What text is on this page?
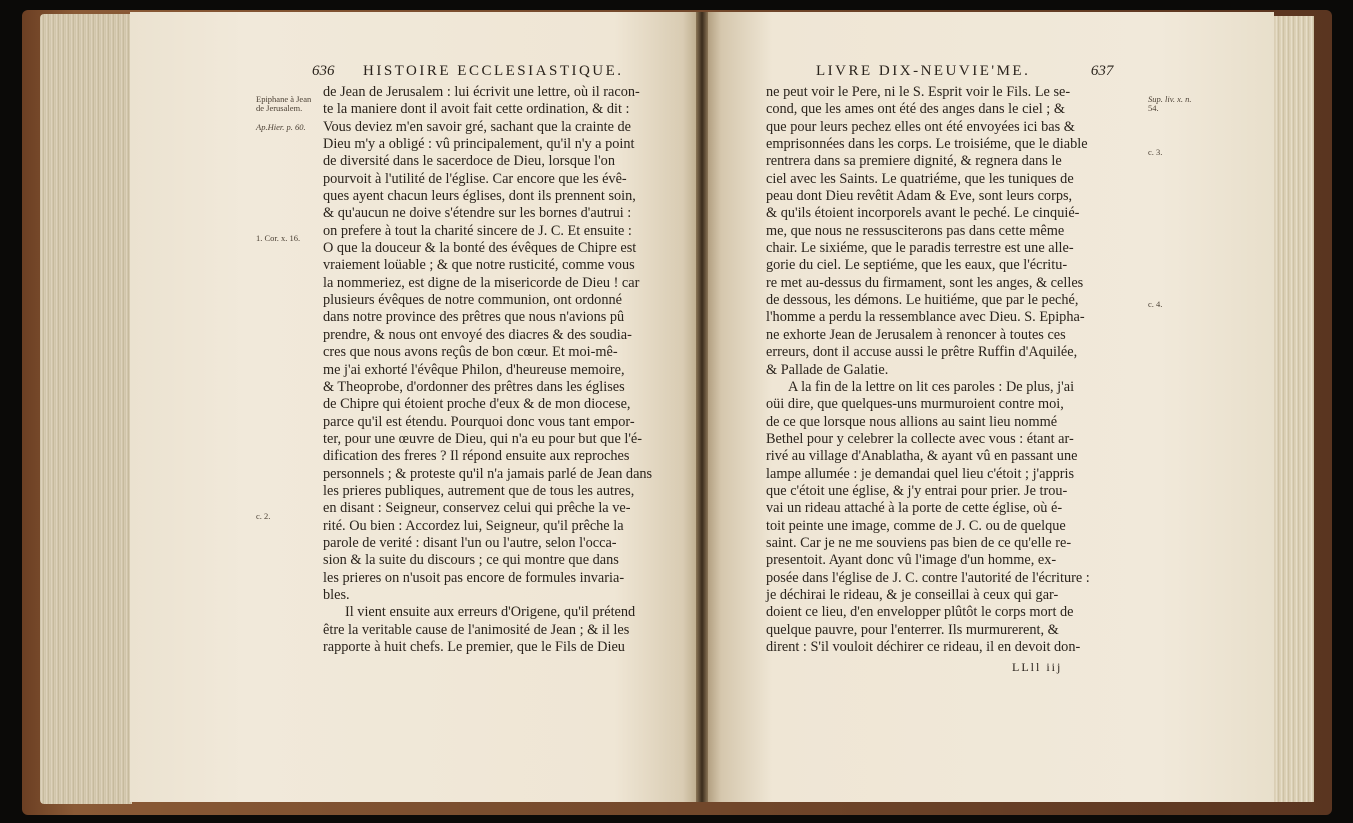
636 HISTOIRE ECCLESIASTIQUE.	LIVRE DIX-NEUVIE'ME.	637
Epiphane à Jean
de Jerusalem.
Ap.Hier. p. 60.
1. Cor. x. 16.
c. 2.
Sup. liv. x. n.
54.
c. 3.
c. 4.
de Jean de Jerusalem : lui écrivit une lettre, où il racon-
te la maniere dont il avoit fait cette ordination, & dit :
Vous deviez m'en savoir gré, sachant que la crainte de
Dieu m'y a obligé : vû principalement, qu'il n'y a point
de diversité dans le sacerdoce de Dieu, lorsque l'on
pourvoit à l'utilité de l'église. Car encore que les évê-
ques ayent chacun leurs églises, dont ils prennent soin,
& qu'aucun ne doive s'étendre sur les bornes d'autrui :
on prefere à tout la charité sincere de J. C. Et ensuite :
O que la douceur & la bonté des évêques de Chipre est
vraiement loüable ; & que notre rusticité, comme vous
la nommeriez, est digne de la misericorde de Dieu ! car
plusieurs évêques de notre communion, ont ordonné
dans notre province des prêtres que nous n'avions pû
prendre, & nous ont envoyé des diacres & des soudia-
cres que nous avons reçûs de bon cœur. Et moi-mê-
me j'ai exhorté l'évêque Philon, d'heureuse memoire,
& Theoprobe, d'ordonner des prêtres dans les églises
de Chipre qui étoient proche d'eux & de mon diocese,
parce qu'il est étendu. Pourquoi donc vous tant empor-
ter, pour une œuvre de Dieu, qui n'a eu pour but que l'é-
dification des freres ? Il répond ensuite aux reproches
personnels ; & proteste qu'il n'a jamais parlé de Jean dans
les prieres publiques, autrement que de tous les autres,
en disant : Seigneur, conservez celui qui prêche la ve-
rité. Ou bien : Accordez lui, Seigneur, qu'il prêche la
parole de verité : disant l'un ou l'autre, selon l'occa-
sion & la suite du discours ; ce qui montre que dans
les prieres on n'usoit pas encore de formules invaria-
bles.
Il vient ensuite aux erreurs d'Origene, qu'il prétend
être la veritable cause de l'animosité de Jean ; & il les
rapporte à huit chefs. Le premier, que le Fils de Dieu
ne peut voir le Pere, ni le S. Esprit voir le Fils. Le se-
cond, que les ames ont été des anges dans le ciel ; &
que pour leurs pechez elles ont été envoyées ici bas &
emprisonnées dans les corps. Le troisiéme, que le diable
rentrera dans sa premiere dignité, & regnera dans le
ciel avec les Saints. Le quatriéme, que les tuniques de
peau dont Dieu revêtit Adam & Eve, sont leurs corps,
& qu'ils étoient incorporels avant le peché. Le cinquié-
me, que nous ne ressusciterons pas dans cette même
chair. Le sixiéme, que le paradis terrestre est une alle-
gorie du ciel. Le septiéme, que les eaux, que l'écritu-
re met au-dessus du firmament, sont les anges, & celles
de dessous, les démons. Le huitiéme, que par le peché,
l'homme a perdu la ressemblance avec Dieu. S. Epipha-
ne exhorte Jean de Jerusalem à renoncer à toutes ces
erreurs, dont il accuse aussi le prêtre Ruffin d'Aquilée,
& Pallade de Galatie.
A la fin de la lettre on lit ces paroles : De plus, j'ai
oüi dire, que quelques-uns murmuroient contre moi,
de ce que lorsque nous allions au saint lieu nommé
Bethel pour y celebrer la collecte avec vous : étant ar-
rivé au village d'Anablatha, & ayant vû en passant une
lampe allumée : je demandai quel lieu c'étoit ; j'appris
que c'étoit une église, & j'y entrai pour prier. Je trou-
vai un rideau attaché à la porte de cette église, où é-
toit peinte une image, comme de J. C. ou de quelque
saint. Car je ne me souviens pas bien de ce qu'elle re-
presentoit. Ayant donc vû l'image d'un homme, ex-
posée dans l'église de J. C. contre l'autorité de l'écriture :
je déchirai le rideau, & je conseillai à ceux qui gar-
doient ce lieu, d'en envelopper plûtôt le corps mort de
quelque pauvre, pour l'enterrer. Ils murmurerent, &
dirent : S'il vouloit déchirer ce rideau, il en devoit don-
LLll iij
